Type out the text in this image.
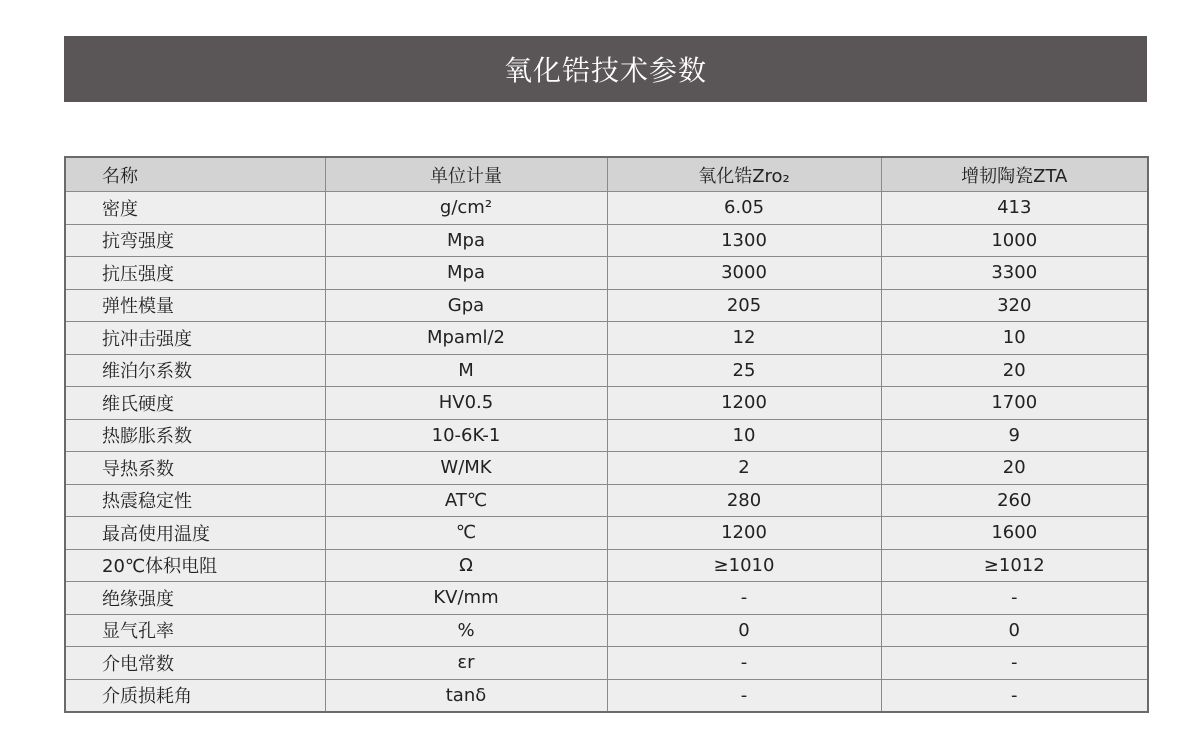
氧化锆技术参数
名称	单位计量	氧化锆Zro₂	增韧陶瓷ZTA
密度	g/cm²	6.05	413
抗弯强度	Mpa	1300	1000
抗压强度	Mpa	3000	3300
弹性模量	Gpa	205	320
抗冲击强度	Mpaml/2	12	10
维泊尔系数	M	25	20
维氏硬度	HV0.5	1200	1700
热膨胀系数	10-6K-1	10	9
导热系数	W/MK	2	20
热震稳定性	AT℃	280	260
最高使用温度	℃	1200	1600
20℃体积电阻	Ω	≥1010	≥1012
绝缘强度	KV/mm	-	-
显气孔率	%	0	0
介电常数	εr	-	-
介质损耗角	tanδ	-	-
